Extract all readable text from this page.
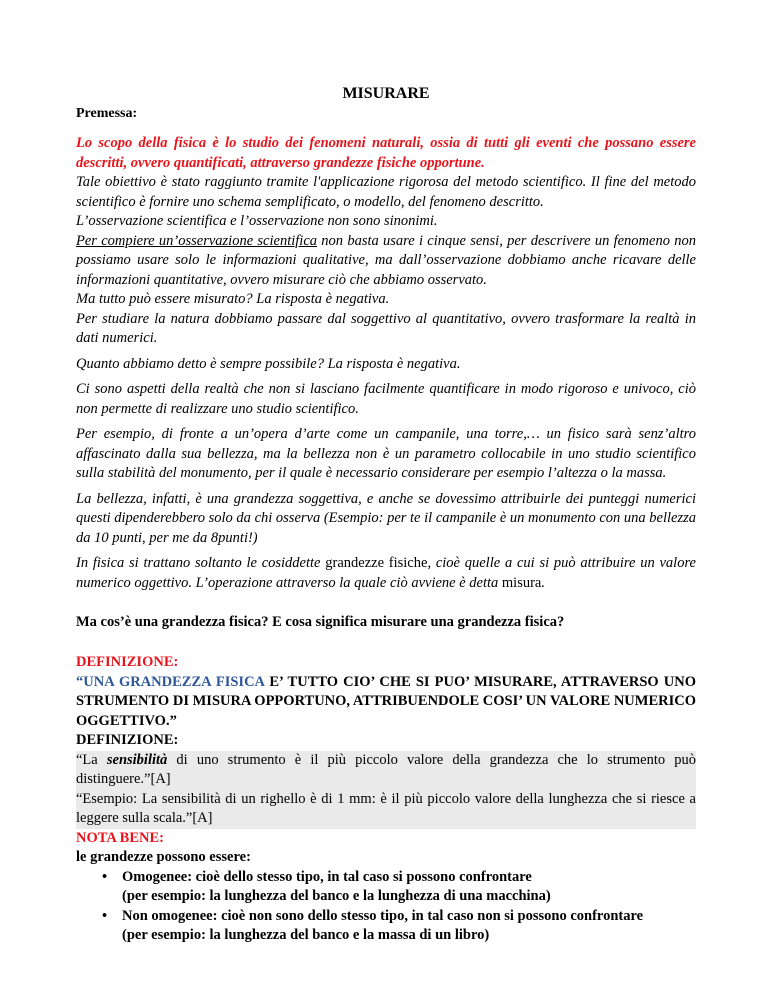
MISURARE
Premessa:

Lo scopo della fisica è lo studio dei fenomeni naturali, ossia di tutti gli eventi che possano essere descritti, ovvero quantificati, attraverso grandezze fisiche opportune.

Tale obiettivo è stato raggiunto tramite l'applicazione rigorosa del metodo scientifico. Il fine del metodo scientifico è fornire uno schema semplificato, o modello, del fenomeno descritto.

L’osservazione scientifica e l’osservazione non sono sinonimi.

Per compiere un’osservazione scientifica non basta usare i cinque sensi, per descrivere un fenomeno non possiamo usare solo le informazioni qualitative, ma dall’osservazione dobbiamo anche ricavare delle informazioni quantitative, ovvero misurare ciò che abbiamo osservato.

Ma tutto può essere misurato? La risposta è negativa.

Per studiare la natura dobbiamo passare dal soggettivo al quantitativo, ovvero trasformare la realtà in dati numerici.

Quanto abbiamo detto è sempre possibile? La risposta è negativa.

Ci sono aspetti della realtà che non si lasciano facilmente quantificare in modo rigoroso e univoco, ciò non permette di realizzare uno studio scientifico.

Per esempio, di fronte a un’opera d’arte come un campanile, una torre,… un fisico sarà senz’altro affascinato dalla sua bellezza, ma la bellezza non è un parametro collocabile in uno studio scientifico sulla stabilità del monumento, per il quale è necessario considerare per esempio l’altezza o la massa.

La bellezza, infatti, è una grandezza soggettiva, e anche se dovessimo attribuirle dei punteggi numerici questi dipenderebbero solo da chi osserva (Esempio: per te il campanile è un monumento con una bellezza da 10 punti, per me da 8punti!)

In fisica si trattano soltanto le cosiddette grandezze fisiche, cioè quelle a cui si può attribuire un valore numerico oggettivo. L’operazione attraverso la quale ciò avviene è detta misura.

Ma cos’è una grandezza fisica? E cosa significa misurare una grandezza fisica?

DEFINIZIONE:

“UNA GRANDEZZA FISICA E’ TUTTO CIO’ CHE SI PUO’ MISURARE, ATTRAVERSO UNO STRUMENTO DI MISURA OPPORTUNO, ATTRIBUENDOLE COSI’ UN VALORE NUMERICO OGGETTIVO.”

DEFINIZIONE:

“La sensibilità di uno strumento è il più piccolo valore della grandezza che lo strumento può distinguere.”[A]

“Esempio: La sensibilità di un righello è di 1 mm: è il più piccolo valore della lunghezza che si riesce a leggere sulla scala.”[A]

NOTA BENE:

le grandezze possono essere:

• Omogenee: cioè dello stesso tipo, in tal caso si possono confrontare
(per esempio: la lunghezza del banco e la lunghezza di una macchina)
• Non omogenee: cioè non sono dello stesso tipo, in tal caso non si possono confrontare
(per esempio: la lunghezza del banco e la massa di un libro)
